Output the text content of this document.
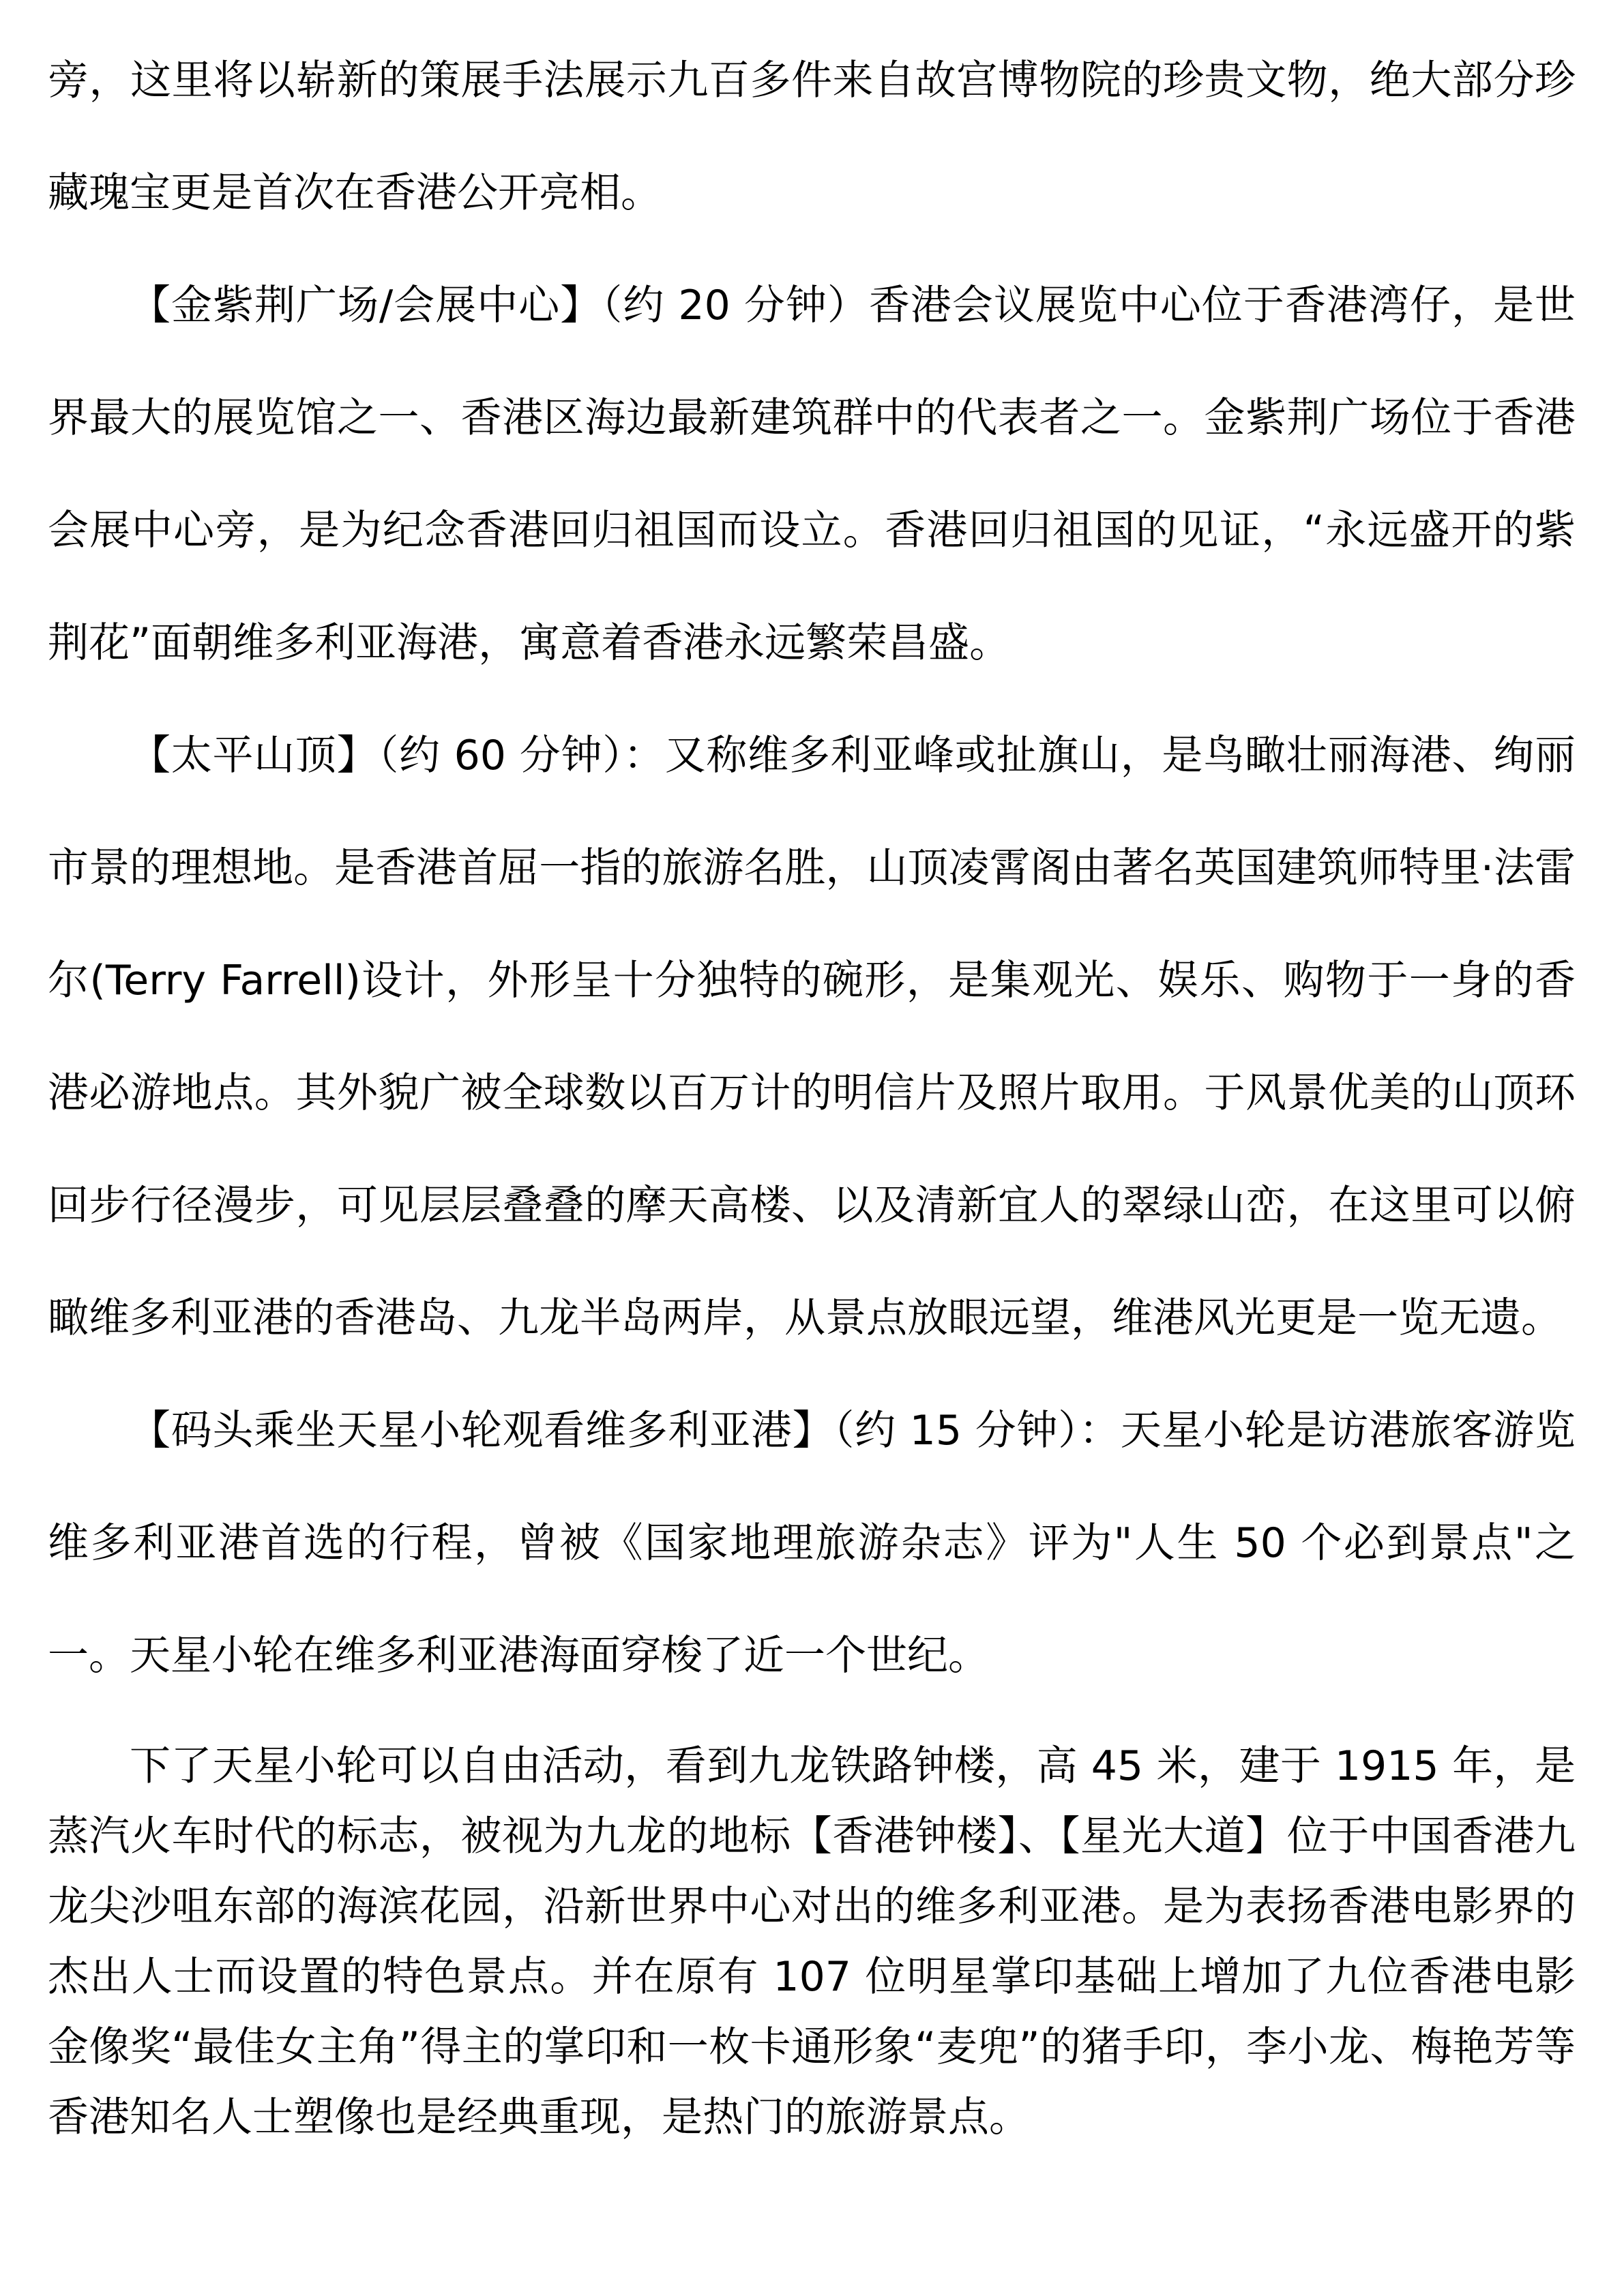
旁，这里将以崭新的策展手法展示九百多件来自故宫博物院的珍贵文物，绝大部分珍藏瑰宝更是首次在香港公开亮相。

【金紫荆广场/会展中心】（约 20 分钟）香港会议展览中心位于香港湾仔，是世界最大的展览馆之一、香港区海边最新建筑群中的代表者之一。金紫荆广场位于香港会展中心旁，是为纪念香港回归祖国而设立。香港回归祖国的见证，“永远盛开的紫荆花”面朝维多利亚海港，寓意着香港永远繁荣昌盛。

【太平山顶】（约 60 分钟）：又称维多利亚峰或扯旗山，是鸟瞰壮丽海港、绚丽市景的理想地。是香港首屈一指的旅游名胜，山顶凌霄阁由著名英国建筑师特里·法雷尔(Terry Farrell)设计，外形呈十分独特的碗形，是集观光、娱乐、购物于一身的香港必游地点。其外貌广被全球数以百万计的明信片及照片取用。于风景优美的山顶环回步行径漫步，可见层层叠叠的摩天高楼、以及清新宜人的翠绿山峦，在这里可以俯瞰维多利亚港的香港岛、九龙半岛两岸，从景点放眼远望，维港风光更是一览无遗。

【码头乘坐天星小轮观看维多利亚港】（约 15 分钟）：天星小轮是访港旅客游览维多利亚港首选的行程，曾被《国家地理旅游杂志》评为"人生 50 个必到景点"之一。天星小轮在维多利亚港海面穿梭了近一个世纪。

下了天星小轮可以自由活动，看到九龙铁路钟楼，高 45 米，建于 1915 年，是蒸汽火车时代的标志，被视为九龙的地标【香港钟楼】、【星光大道】位于中国香港九龙尖沙咀东部的海滨花园，沿新世界中心对出的维多利亚港。是为表扬香港电影界的杰出人士而设置的特色景点。并在原有 107 位明星掌印基础上增加了九位香港电影金像奖“最佳女主角”得主的掌印和一枚卡通形象“麦兜”的猪手印，李小龙、梅艳芳等香港知名人士塑像也是经典重现，是热门的旅游景点。
